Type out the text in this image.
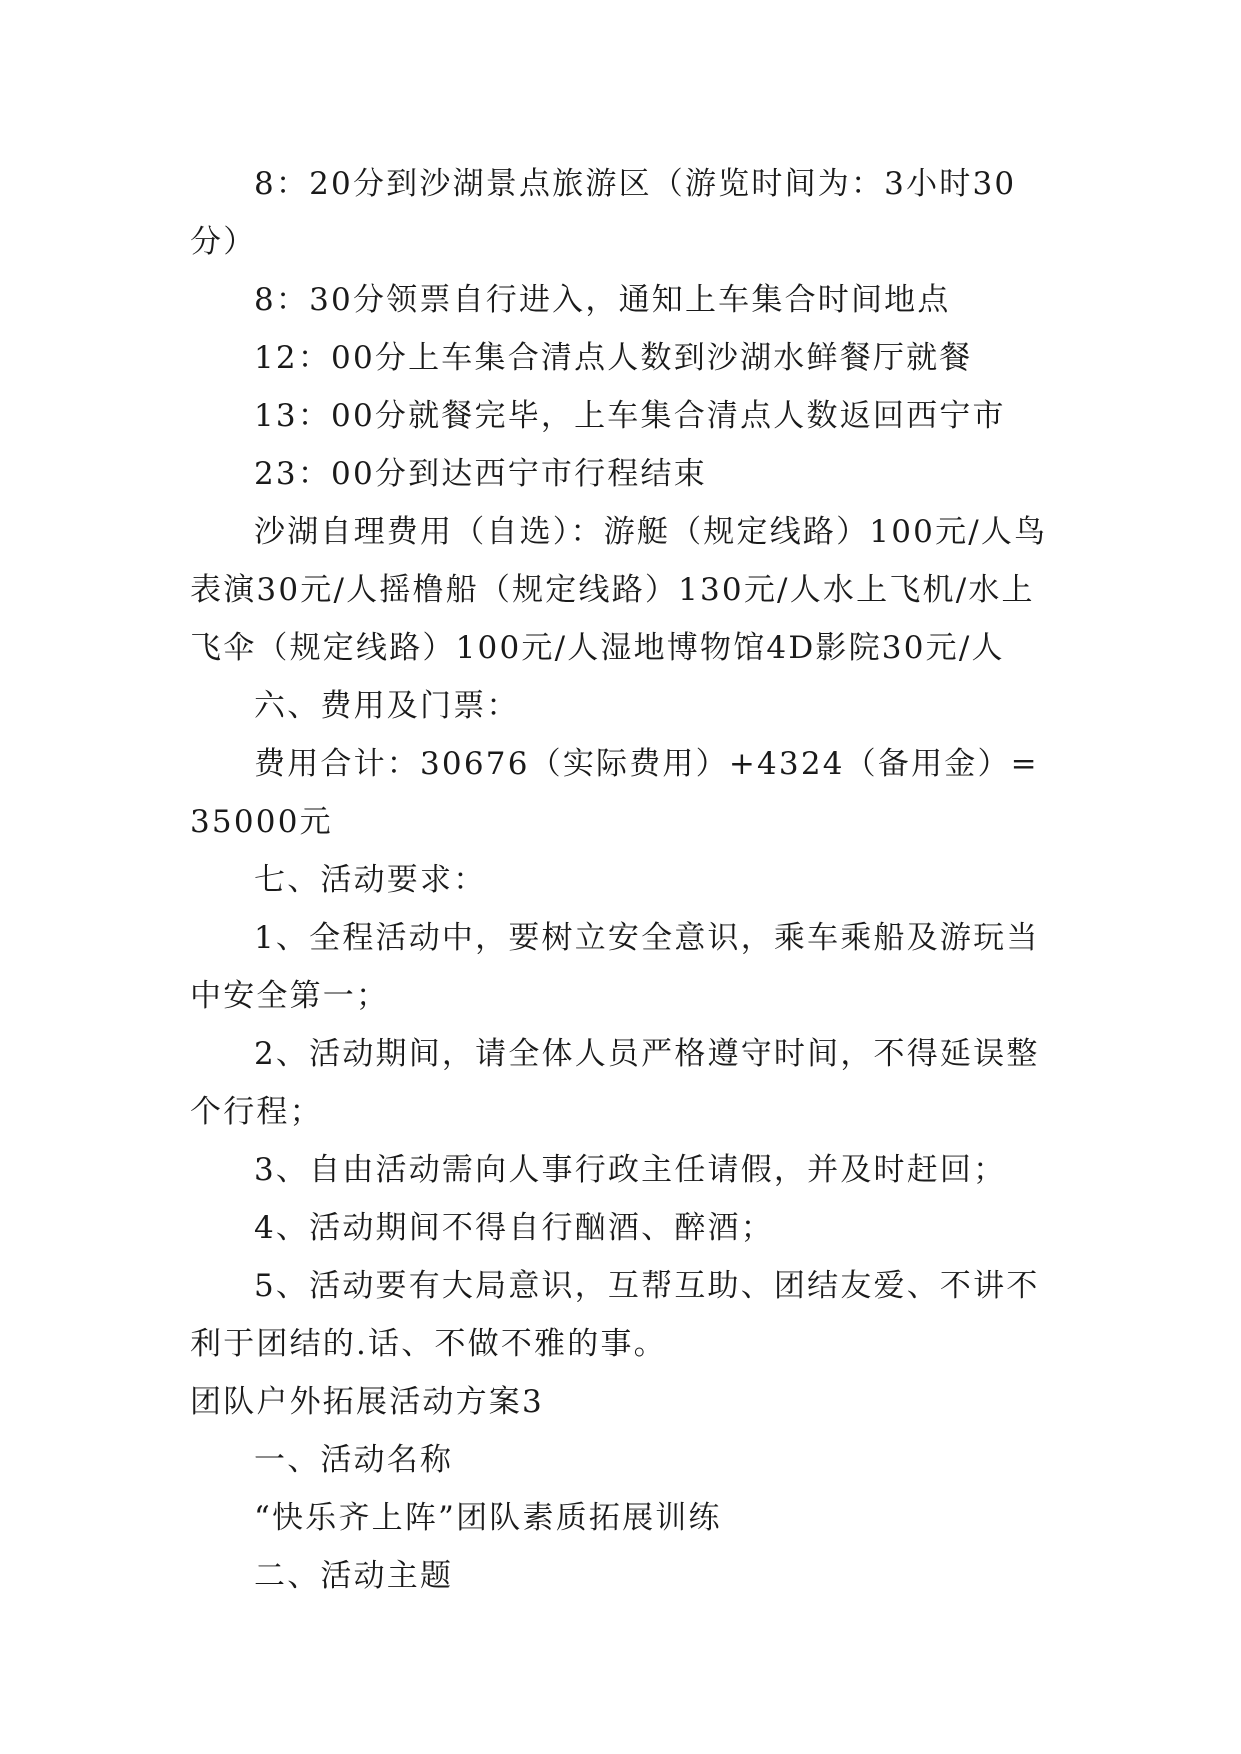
8：20分到沙湖景点旅游区（游览时间为：3小时30分）

8：30分领票自行进入，通知上车集合时间地点

12：00分上车集合清点人数到沙湖水鲜餐厅就餐

13：00分就餐完毕，上车集合清点人数返回西宁市

23：00分到达西宁市行程结束

沙湖自理费用（自选）：游艇（规定线路）100元/人鸟表演30元/人摇橹船（规定线路）130元/人水上飞机/水上飞伞（规定线路）100元/人湿地博物馆4D影院30元/人

六、费用及门票：

费用合计：30676（实际费用）+4324（备用金）=35000元

七、活动要求：

1、全程活动中，要树立安全意识，乘车乘船及游玩当中安全第一；

2、活动期间，请全体人员严格遵守时间，不得延误整个行程；

3、自由活动需向人事行政主任请假，并及时赶回；

4、活动期间不得自行酗酒、醉酒；

5、活动要有大局意识，互帮互助、团结友爱、不讲不利于团结的.话、不做不雅的事。

团队户外拓展活动方案3

一、活动名称

“快乐齐上阵”团队素质拓展训练

二、活动主题
